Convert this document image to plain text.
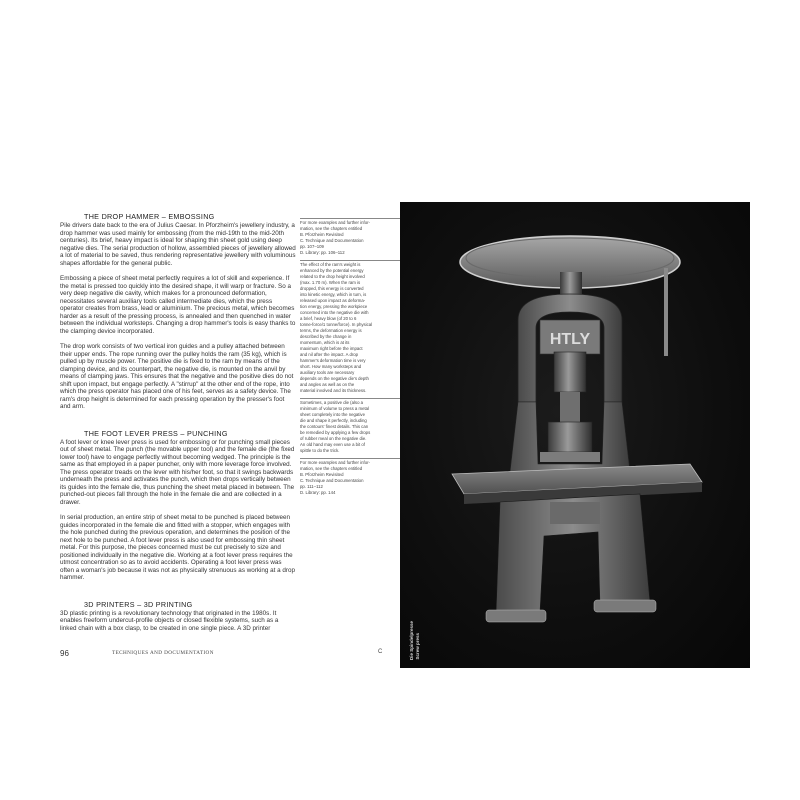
THE DROP HAMMER – EMBOSSING

Pile drivers date back to the era of Julius Caesar. In Pforzheim's jewellery industry, a drop hammer was used mainly for embossing (from the mid-19th to the mid-20th centuries). Its brief, heavy impact is ideal for shaping thin sheet gold using deep negative dies. The serial production of hollow, assembled pieces of jewellery allowed a lot of material to be saved, thus rendering representative jewellery with voluminous shapes affordable for the general public.

Embossing a piece of sheet metal perfectly requires a lot of skill and experience. If the metal is pressed too quickly into the desired shape, it will warp or fracture. So a very deep negative die cavity, which makes for a pronounced deformation, necessitates several auxiliary tools called intermediate dies, which the press operator creates from brass, lead or aluminium. The precious metal, which becomes harder as a result of the pressing process, is annealed and then quenched in water between the individual worksteps. Changing a drop hammer's tools is easy thanks to the clamping device incorporated.

The drop work consists of two vertical iron guides and a pulley attached between their upper ends. The rope running over the pulley holds the ram (35 kg), which is pulled up by muscle power. The positive die is fixed to the ram by means of the clamping device, and its counterpart, the negative die, is mounted on the anvil by means of clamping jaws. This ensures that the negative and the positive dies do not shift upon impact, but engage perfectly. A "stirrup" at the other end of the rope, into which the press operator has placed one of his feet, serves as a safety device. The ram's drop height is determined for each pressing operation by the presser's foot and arm.

THE FOOT LEVER PRESS – PUNCHING

A foot lever or knee lever press is used for embossing or for punching small pieces out of sheet metal. The punch (the movable upper tool) and the female die (the fixed lower tool) have to engage perfectly without becoming wedged. The principle is the same as that employed in a paper puncher, only with more leverage force involved. The press operator treads on the lever with his/her foot, so that it swings backwards underneath the press and activates the punch, which then drops vertically between its guides into the female die, thus punching the sheet metal placed in between. The punched-out pieces fall through the hole in the female die and are collected in a drawer.

In serial production, an entire strip of sheet metal to be punched is placed between guides incorporated in the female die and fitted with a stopper, which engages with the hole punched during the previous operation, and determines the position of the next hole to be punched. A foot lever press is also used for embossing thin sheet metal. For this purpose, the pieces concerned must be cut precisely to size and positioned individually in the negative die. Working at a foot lever press requires the utmost concentration so as to avoid accidents. Operating a foot lever press was often a woman's job because it was not as physically strenuous as working at a drop hammer.

3D PRINTERS – 3D PRINTING

3D plastic printing is a revolutionary technology that originated in the 1980s. It enables freeform undercut-profile objects or closed flexible systems, such as a linked chain with a box clasp, to be created in one single piece. A 3D printer

For more examples and further infor-
mation, see the chapters entitled
B. Pforzheim Revisited
C. Technique and Documentation
pp. 107–109
D. Library: pp. 106–112
The effect of the ram's weight is
enhanced by the potential energy
related to the drop height involved
(max. 1.70 m). When the ram is
dropped, this energy is converted
into kinetic energy, which in turn, is
released upon impact as deforma-
tion energy, pressing the workpiece
concerned into the negative die with
a brief, heavy blow (of 20 to 6
tonne-force/1 tonne/force). In physical
terms, the deformation energy is
described by the change in
momentum, which is at its
maximum right before the impact
and nil after the impact. A drop
hammer's deformation time is very
short. How many worksteps and
auxiliary tools are necessary
depends on the negative die's depth
and angles as well as on the
material involved and its thickness.
Sometimes, a positive die (also a
minimum of volume to press a metal
sheet completely into the negative
die and shape it perfectly, including
the contours' finest details. This can
be remedied by applying a few drops
of rubber meal on the negative die.
An old hand may even use a bit of
spittle to do the trick.
For more examples and further infor-
mation, see the chapters entitled
B. Pforzheim Revisited
C. Technique and Documentation
pp. 111–112
D. Library: pp. 144
96	TECHNIQUES AND DOCUMENTATION	C
HTLY
Die Spindelpresse Screw press
